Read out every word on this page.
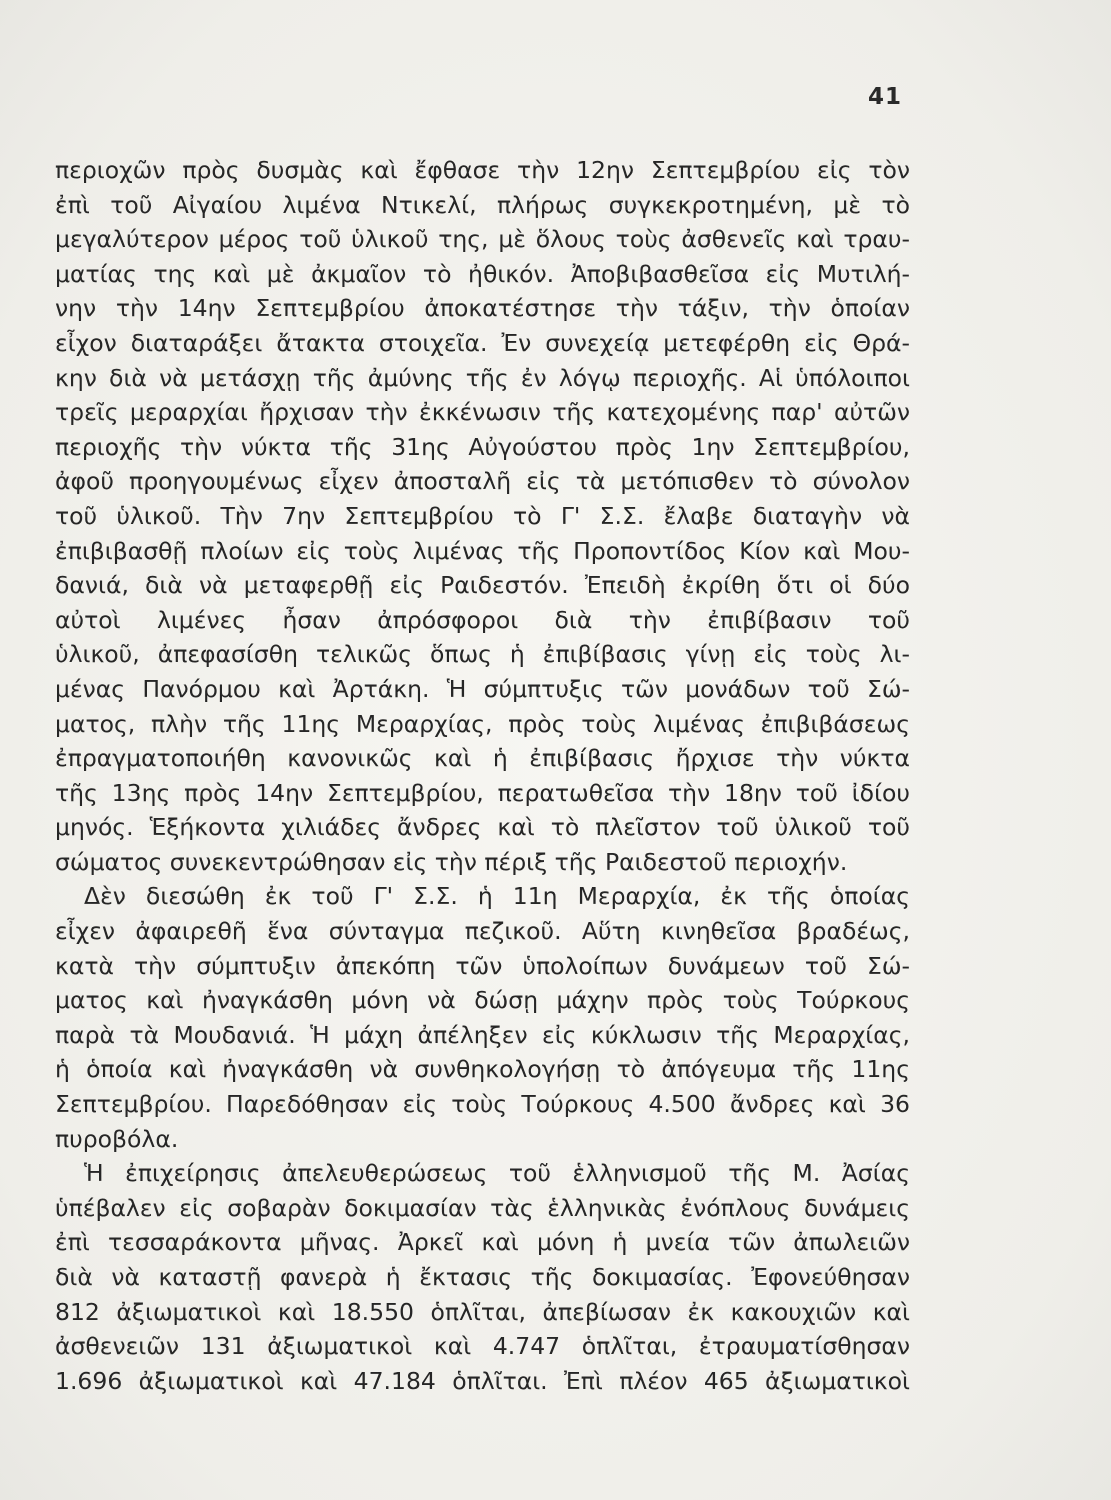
41
περιοχῶν πρὸς δυσμὰς καὶ ἔφθασε τὴν 12ην Σεπτεμβρίου εἰς τὸν
ἐπὶ τοῦ Αἰγαίου λιμένα Ντικελί, πλήρως συγκεκροτημένη, μὲ τὸ
μεγαλύτερον μέρος τοῦ ὑλικοῦ της, μὲ ὅλους τοὺς ἀσθενεῖς καὶ τραυ-
ματίας της καὶ μὲ ἀκμαῖον τὸ ἠθικόν. Ἀποβιβασθεῖσα εἰς Μυτιλή-
νην τὴν 14ην Σεπτεμβρίου ἀποκατέστησε τὴν τάξιν, τὴν ὁποίαν
εἶχον διαταράξει ἄτακτα στοιχεῖα. Ἐν συνεχείᾳ μετεφέρθη εἰς Θρά-
κην διὰ νὰ μετάσχῃ τῆς ἀμύνης τῆς ἐν λόγῳ περιοχῆς. Αἱ ὑπόλοιποι
τρεῖς μεραρχίαι ἤρχισαν τὴν ἐκκένωσιν τῆς κατεχομένης παρ' αὐτῶν
περιοχῆς τὴν νύκτα τῆς 31ης Αὐγούστου πρὸς 1ην Σεπτεμβρίου,
ἀφοῦ προηγουμένως εἶχεν ἀποσταλῆ εἰς τὰ μετόπισθεν τὸ σύνολον
τοῦ ὑλικοῦ. Τὴν 7ην Σεπτεμβρίου τὸ Γ' Σ.Σ. ἔλαβε διαταγὴν νὰ
ἐπιβιβασθῇ πλοίων εἰς τοὺς λιμένας τῆς Προποντίδος Κίον καὶ Μου-
δανιά, διὰ νὰ μεταφερθῇ εἰς Ραιδεστόν. Ἐπειδὴ ἐκρίθη ὅτι οἱ δύο
αὐτοὶ λιμένες ἦσαν ἀπρόσφοροι διὰ τὴν ἐπιβίβασιν τοῦ
ὑλικοῦ, ἀπεφασίσθη τελικῶς ὅπως ἡ ἐπιβίβασις γίνῃ εἰς τοὺς λι-
μένας Πανόρμου καὶ Ἀρτάκη. Ἡ σύμπτυξις τῶν μονάδων τοῦ Σώ-
ματος, πλὴν τῆς 11ης Μεραρχίας, πρὸς τοὺς λιμένας ἐπιβιβάσεως
ἐπραγματοποιήθη κανονικῶς καὶ ἡ ἐπιβίβασις ἤρχισε τὴν νύκτα
τῆς 13ης πρὸς 14ην Σεπτεμβρίου, περατωθεῖσα τὴν 18ην τοῦ ἰδίου
μηνός. Ἑξήκοντα χιλιάδες ἄνδρες καὶ τὸ πλεῖστον τοῦ ὑλικοῦ τοῦ
σώματος συνεκεντρώθησαν εἰς τὴν πέριξ τῆς Ραιδεστοῦ περιοχήν.
Δὲν διεσώθη ἐκ τοῦ Γ' Σ.Σ. ἡ 11η Μεραρχία, ἐκ τῆς ὁποίας
εἶχεν ἀφαιρεθῆ ἕνα σύνταγμα πεζικοῦ. Αὕτη κινηθεῖσα βραδέως,
κατὰ τὴν σύμπτυξιν ἀπεκόπη τῶν ὑπολοίπων δυνάμεων τοῦ Σώ-
ματος καὶ ἠναγκάσθη μόνη νὰ δώσῃ μάχην πρὸς τοὺς Τούρκους
παρὰ τὰ Μουδανιά. Ἡ μάχη ἀπέληξεν εἰς κύκλωσιν τῆς Μεραρχίας,
ἡ ὁποία καὶ ἠναγκάσθη νὰ συνθηκολογήσῃ τὸ ἀπόγευμα τῆς 11ης
Σεπτεμβρίου. Παρεδόθησαν εἰς τοὺς Τούρκους 4.500 ἄνδρες καὶ 36
πυροβόλα.
Ἡ ἐπιχείρησις ἀπελευθερώσεως τοῦ ἑλληνισμοῦ τῆς Μ. Ἀσίας
ὑπέβαλεν εἰς σοβαρὰν δοκιμασίαν τὰς ἑλληνικὰς ἐνόπλους δυνάμεις
ἐπὶ τεσσαράκοντα μῆνας. Ἀρκεῖ καὶ μόνη ἡ μνεία τῶν ἀπωλειῶν
διὰ νὰ καταστῇ φανερὰ ἡ ἔκτασις τῆς δοκιμασίας. Ἐφονεύθησαν
812 ἀξιωματικοὶ καὶ 18.550 ὁπλῖται, ἀπεβίωσαν ἐκ κακουχιῶν καὶ
ἀσθενειῶν 131 ἀξιωματικοὶ καὶ 4.747 ὁπλῖται, ἐτραυματίσθησαν
1.696 ἀξιωματικοὶ καὶ 47.184 ὁπλῖται. Ἐπὶ πλέον 465 ἀξιωματικοὶ
